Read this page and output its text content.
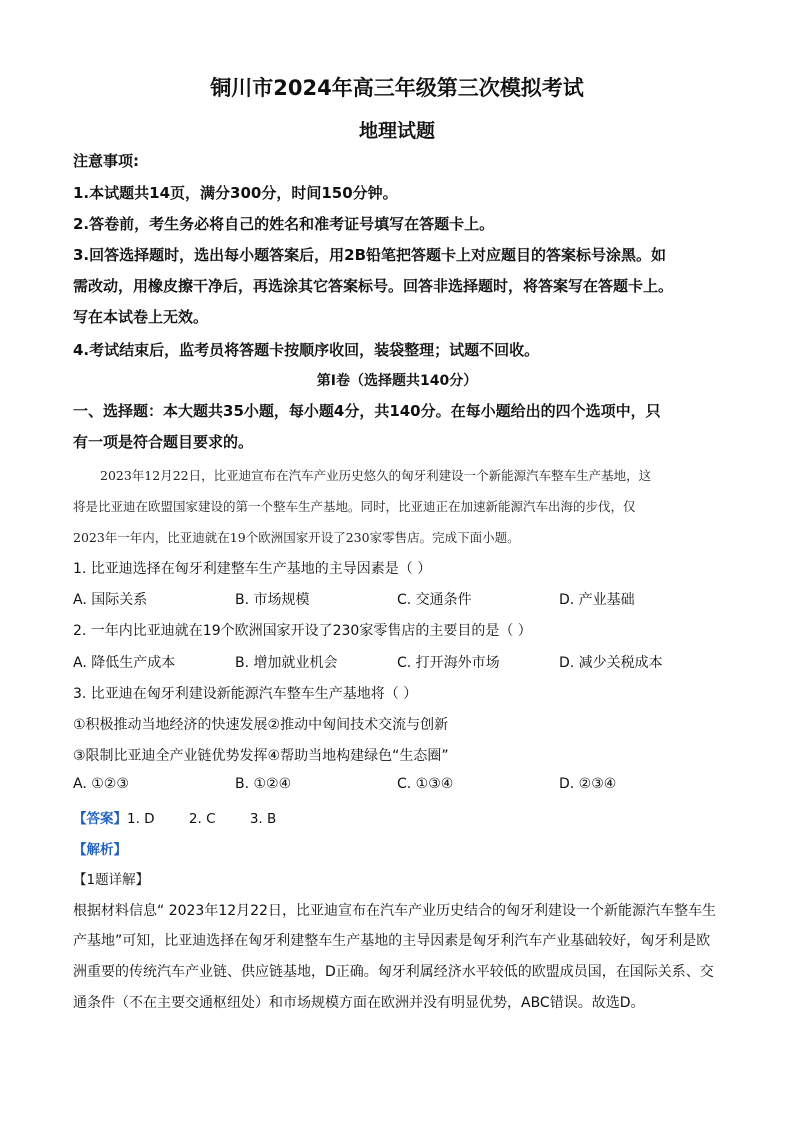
铜川市2024年高三年级第三次模拟考试
地理试题
注意事项:
1.本试题共14页，满分300分，时间150分钟。
2.答卷前，考生务必将自己的姓名和准考证号填写在答题卡上。
3.回答选择题时，选出每小题答案后，用2B铅笔把答题卡上对应题目的答案标号涂黑。如
需改动，用橡皮擦干净后，再选涂其它答案标号。回答非选择题时，将答案写在答题卡上。
写在本试卷上无效。
4.考试结束后，监考员将答题卡按顺序收回，装袋整理；试题不回收。
第I卷（选择题共140分）
一、选择题：本大题共35小题，每小题4分，共140分。在每小题给出的四个选项中，只
有一项是符合题目要求的。
2023年12月22日，比亚迪宣布在汽车产业历史悠久的匈牙利建设一个新能源汽车整车生产基地，这
将是比亚迪在欧盟国家建设的第一个整车生产基地。同时，比亚迪正在加速新能源汽车出海的步伐，仅
2023年一年内，比亚迪就在19个欧洲国家开设了230家零售店。完成下面小题。
1. 比亚迪选择在匈牙利建整车生产基地的主导因素是（ ）
A. 国际关系	B. 市场规模	C. 交通条件	D. 产业基础
2. 一年内比亚迪就在19个欧洲国家开设了230家零售店的主要目的是（ ）
A. 降低生产成本	B. 增加就业机会	C. 打开海外市场	D. 减少关税成本
3. 比亚迪在匈牙利建设新能源汽车整车生产基地将（ ）
①积极推动当地经济的快速发展②推动中匈间技术交流与创新
③限制比亚迪全产业链优势发挥④帮助当地构建绿色“生态圈”
A. ①②③	B. ①②④	C. ①③④	D. ②③④
【答案】1. D        2. C        3. B
【解析】
【1题详解】
根据材料信息“ 2023年12月22日，比亚迪宣布在汽车产业历史结合的匈牙利建设一个新能源汽车整车生
产基地”可知，比亚迪选择在匈牙利建整车生产基地的主导因素是匈牙利汽车产业基础较好，匈牙利是欧
洲重要的传统汽车产业链、供应链基地，D正确。匈牙利属经济水平较低的欧盟成员国，在国际关系、交
通条件（不在主要交通枢纽处）和市场规模方面在欧洲并没有明显优势，ABC错误。故选D。
